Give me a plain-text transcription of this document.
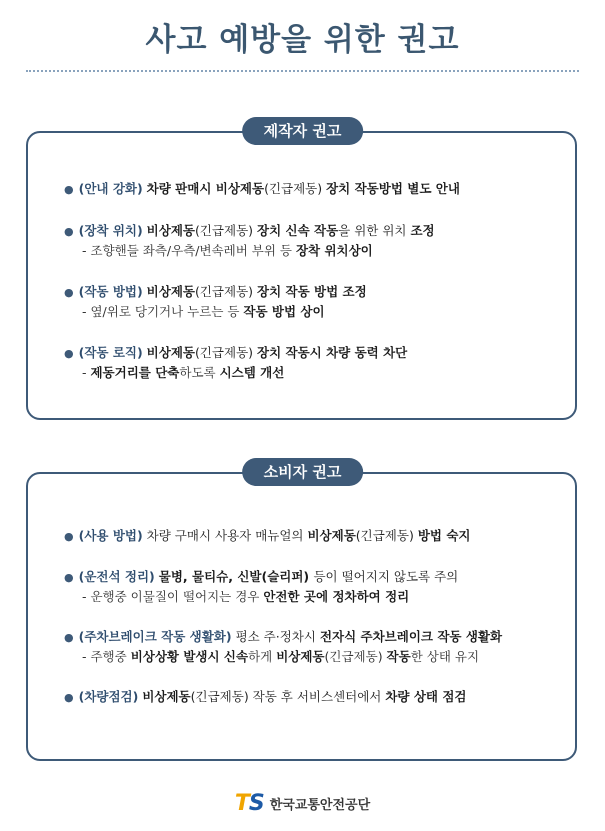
사고 예방을 위한 권고
● (안내 강화) 차량 판매시 비상제동(긴급제동) 장치 작동방법 별도 안내
● (장착 위치) 비상제동(긴급제동) 장치 신속 작동을 위한 위치 조정
- 조향핸들 좌측/우측/변속레버 부위 등 장착 위치상이
● (작동 방법) 비상제동(긴급제동) 장치 작동 방법 조정
- 옆/위로 당기거나 누르는 등 작동 방법 상이
● (작동 로직) 비상제동(긴급제동) 장치 작동시 차량 동력 차단
- 제동거리를 단축하도록 시스템 개선
제작자 권고
● (사용 방법) 차량 구매시 사용자 매뉴얼의 비상제동(긴급제동) 방법 숙지
● (운전석 정리) 물병, 물티슈, 신발(슬리퍼) 등이 떨어지지 않도록 주의
- 운행중 이물질이 떨어지는 경우 안전한 곳에 정차하여 정리
● (주차브레이크 작동 생활화) 평소 주·정차시 전자식 주차브레이크 작동 생활화
- 주행중 비상상황 발생시 신속하게 비상제동(긴급제동) 작동한 상태 유지
● (차량점검) 비상제동(긴급제동) 작동 후 서비스센터에서 차량 상태 점검
소비자 권고
TS 한국교통안전공단
